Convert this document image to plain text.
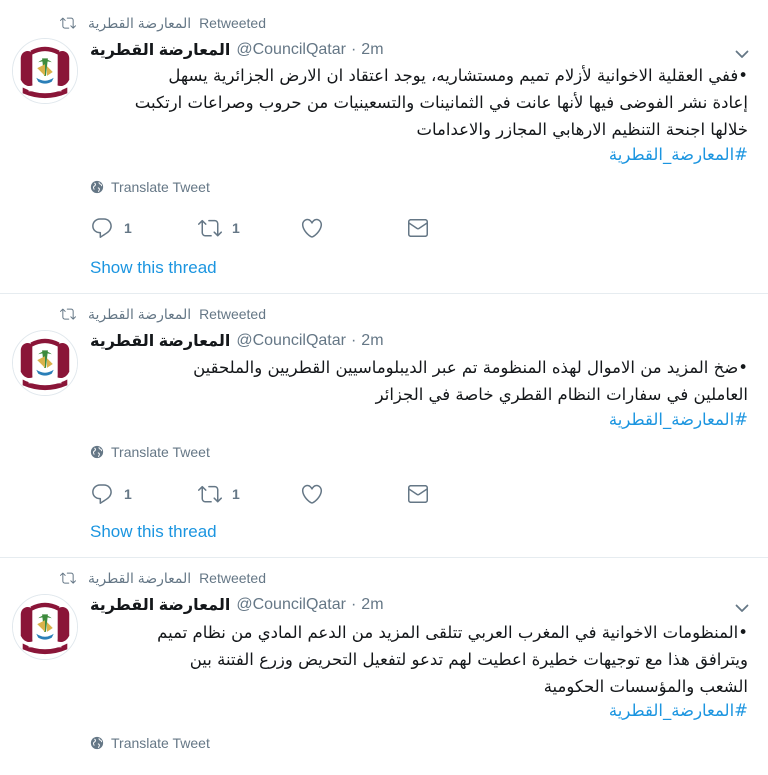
المعارضة القطرية Retweeted
المعارضة القطرية @CouncilQatar · 2m
•ففي العقلية الاخوانية لأزلام تميم ومستشاريه، يوجد اعتقاد ان الارض الجزائرية يسهل
إعادة نشر الفوضى فيها لأنها عانت في الثمانينات والتسعينيات من حروب وصراعات ارتكبت
خلالها اجنحة التنظيم الارهابي المجازر والاعدامات
#المعارضة_القطرية
Translate Tweet
1	1
Show this thread
المعارضة القطرية Retweeted
المعارضة القطرية @CouncilQatar · 2m
•ضخ المزيد من الاموال لهذه المنظومة تم عبر الديبلوماسيين القطريين والملحقين
العاملين في سفارات النظام القطري خاصة في الجزائر
#المعارضة_القطرية
Translate Tweet
1	1
Show this thread
المعارضة القطرية Retweeted
المعارضة القطرية @CouncilQatar · 2m
•المنظومات الاخوانية في المغرب العربي تتلقى المزيد من الدعم المادي من نظام تميم
ويترافق هذا مع توجيهات خطيرة اعطيت لهم تدعو لتفعيل التحريض وزرع الفتنة بين
الشعب والمؤسسات الحكومية
#المعارضة_القطرية
Translate Tweet
